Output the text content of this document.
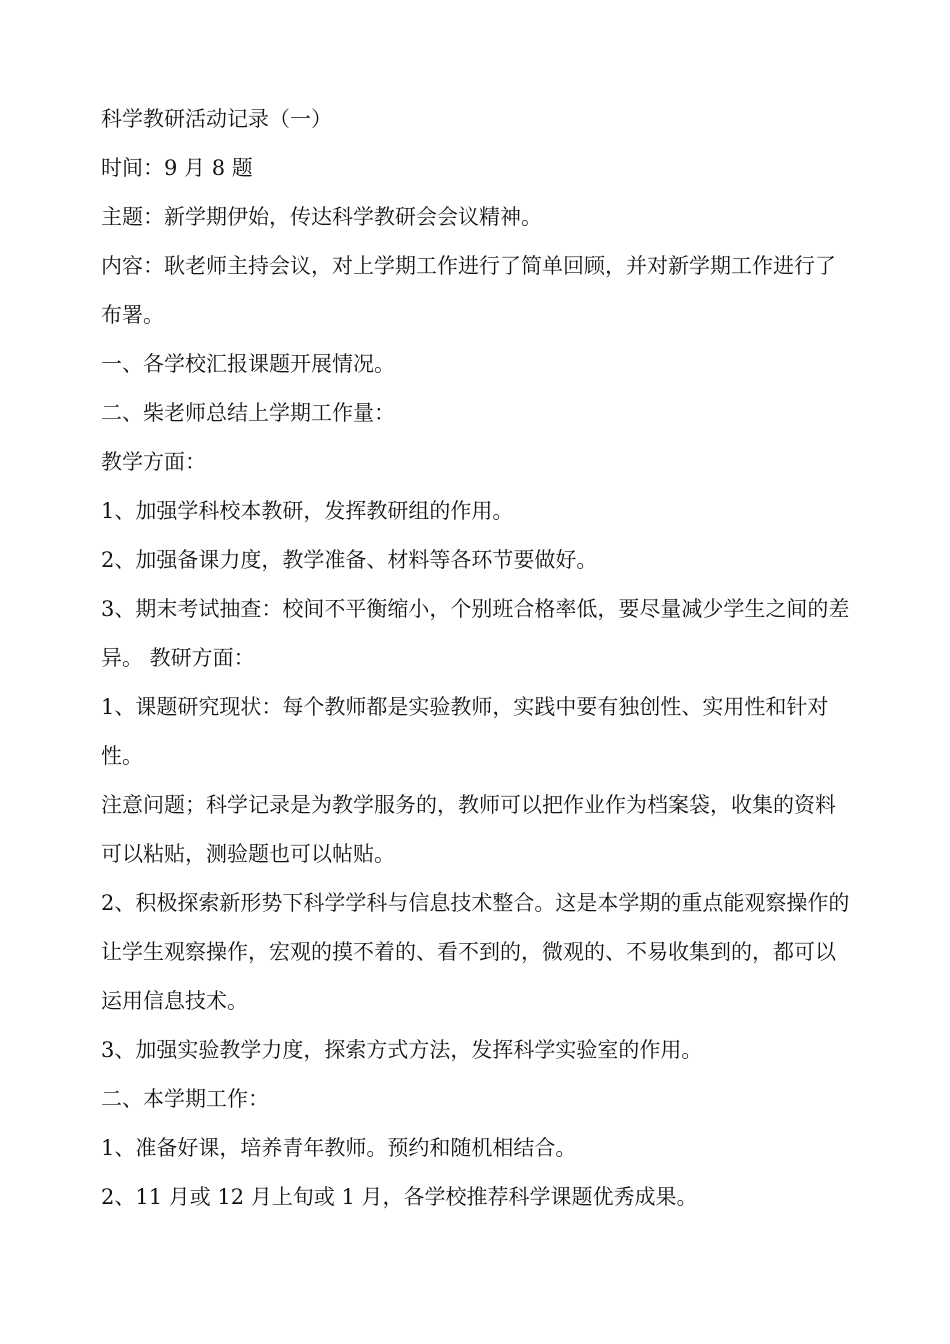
科学教研活动记录（一）

时间：9 月 8 题

主题：新学期伊始，传达科学教研会会议精神。

内容：耿老师主持会议，对上学期工作进行了简单回顾，并对新学期工作进行了布署。

一、各学校汇报课题开展情况。

二、柴老师总结上学期工作量：

教学方面：

1、加强学科校本教研，发挥教研组的作用。

2、加强备课力度，教学准备、材料等各环节要做好。

3、期末考试抽查：校间不平衡缩小，个别班合格率低，要尽量减少学生之间的差异。 教研方面：

1、课题研究现状：每个教师都是实验教师，实践中要有独创性、实用性和针对性。

注意问题；科学记录是为教学服务的，教师可以把作业作为档案袋，收集的资料可以粘贴，测验题也可以帖贴。

2、积极探索新形势下科学学科与信息技术整合。这是本学期的重点能观察操作的让学生观察操作，宏观的摸不着的、看不到的，微观的、不易收集到的，都可以运用信息技术。

3、加强实验教学力度，探索方式方法，发挥科学实验室的作用。

二、本学期工作：

1、准备好课，培养青年教师。预约和随机相结合。

2、11 月或 12 月上旬或 1 月，各学校推荐科学课题优秀成果。
